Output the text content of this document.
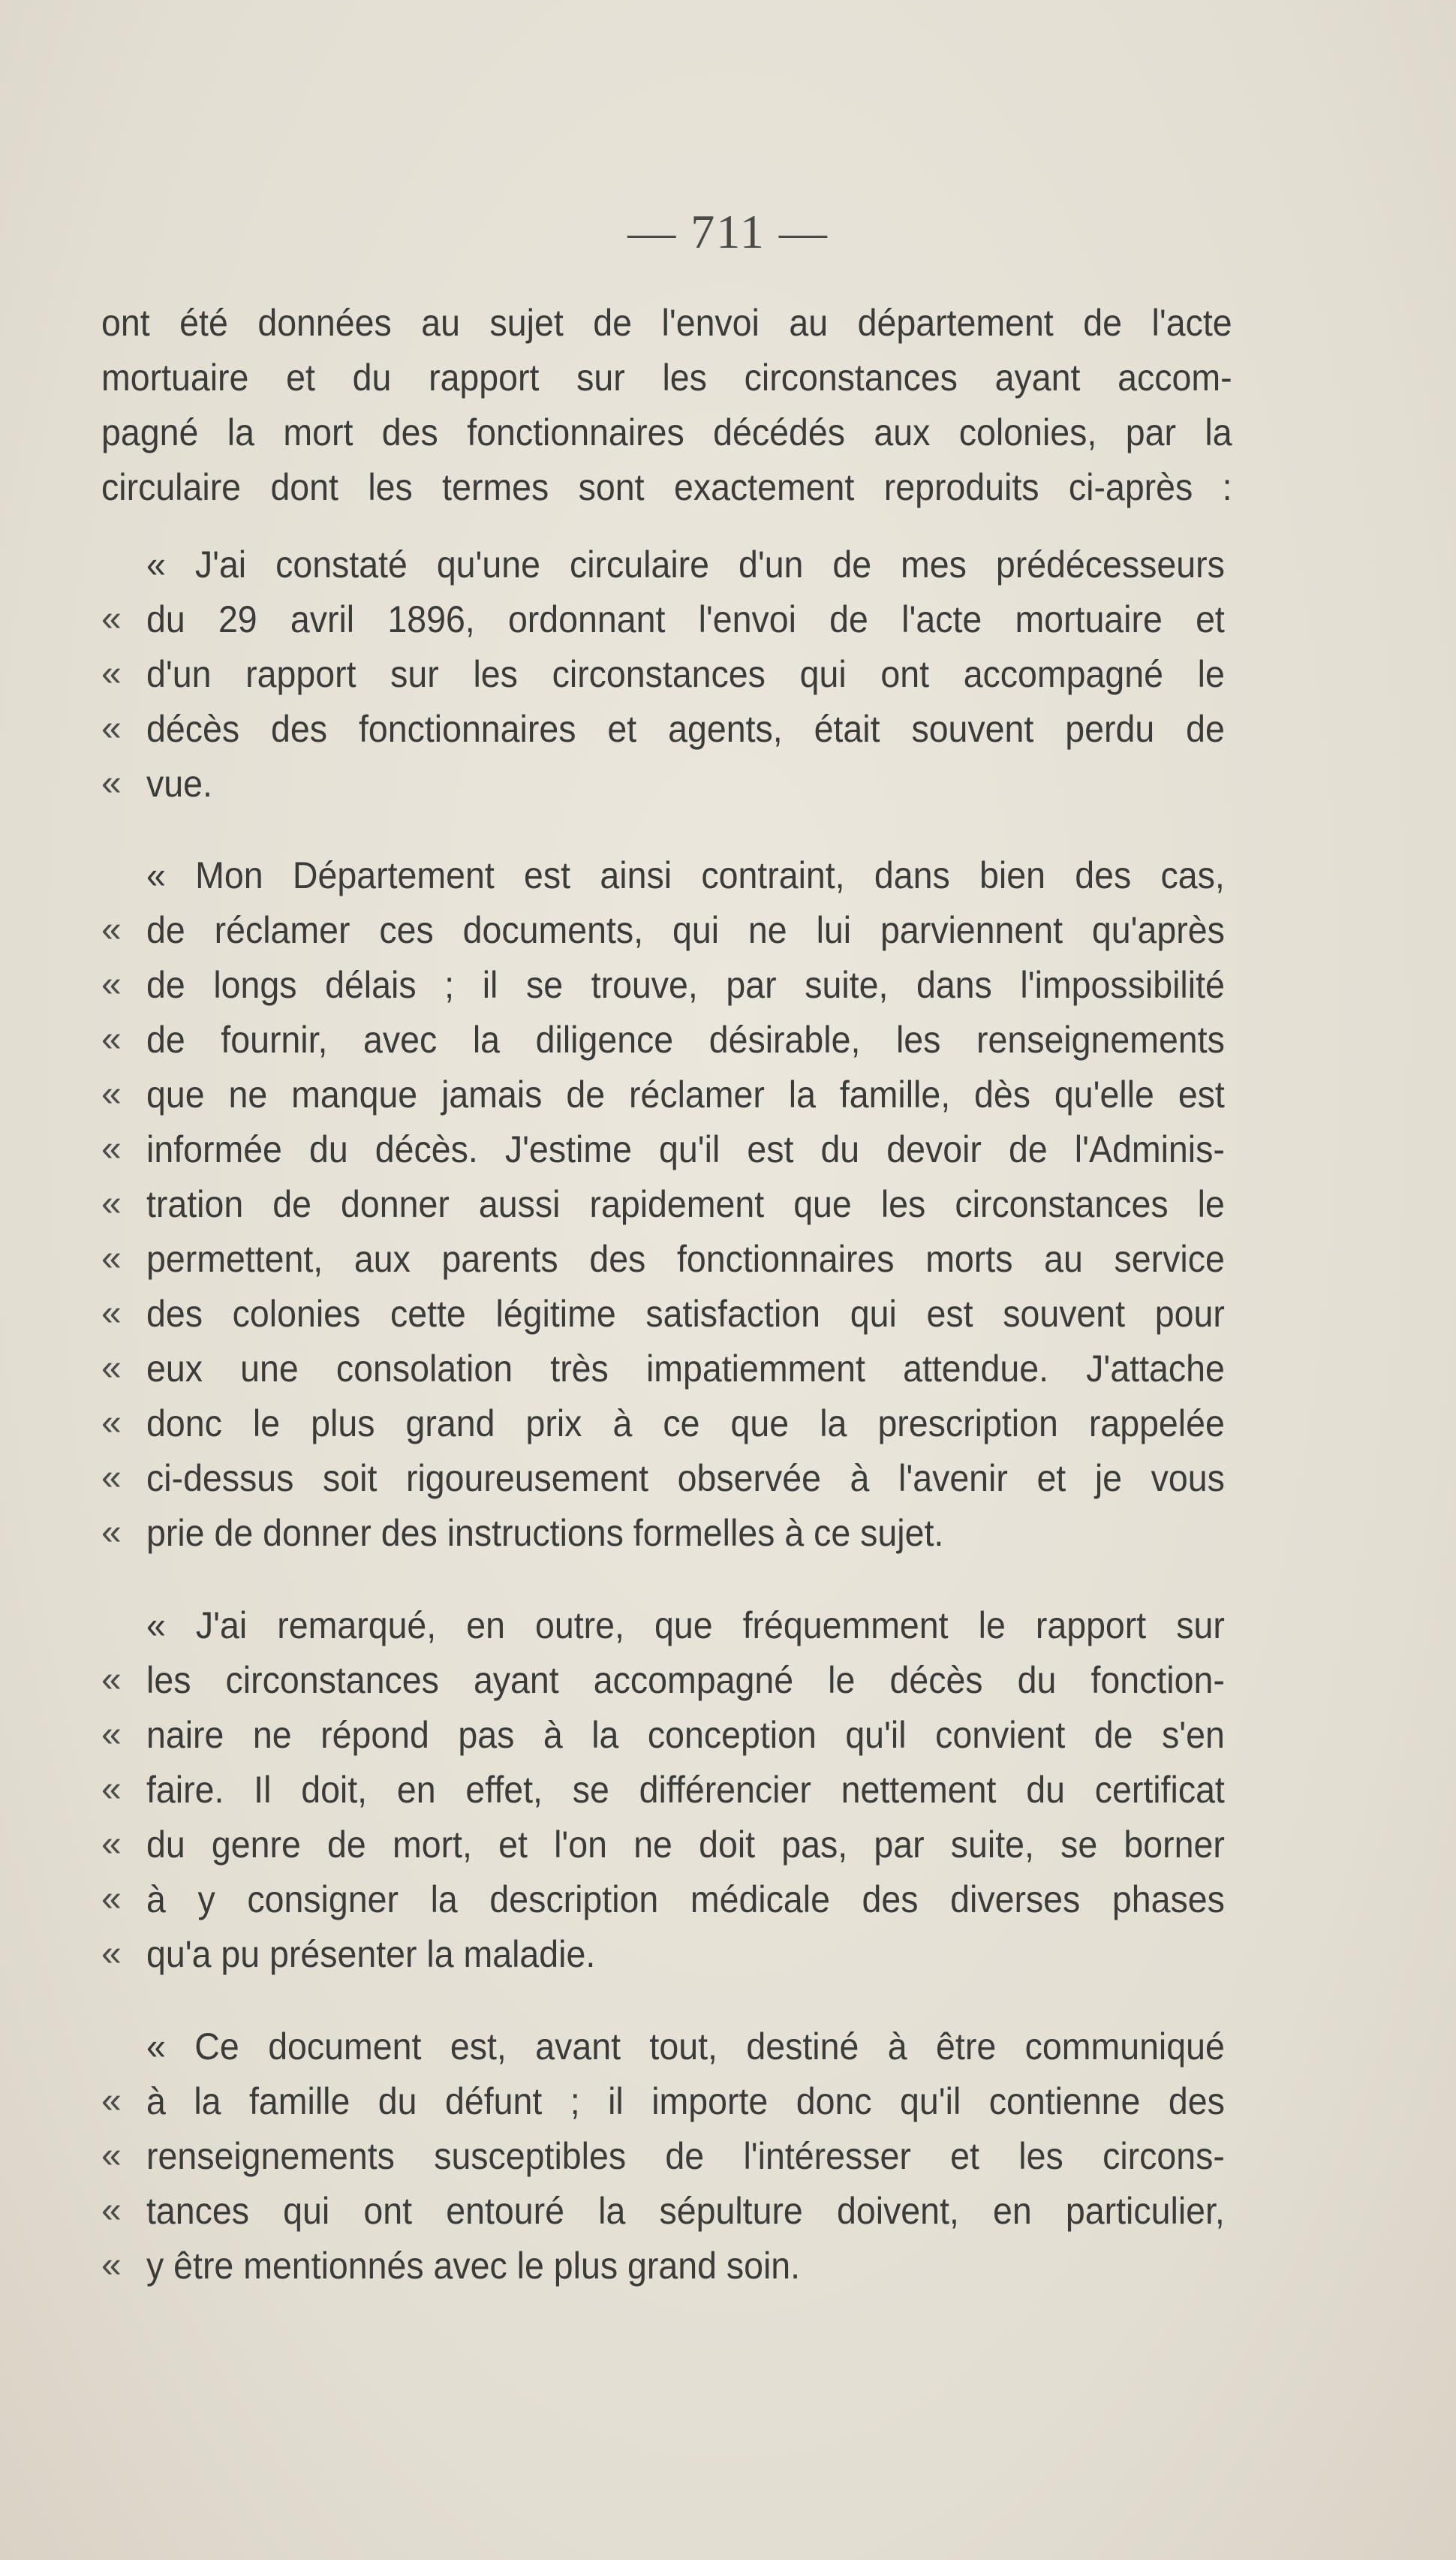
— 711 —
ont été données au sujet de l'envoi au département de l'acte
mortuaire et du rapport sur les circonstances ayant accom-
pagné la mort des fonctionnaires décédés aux colonies, par la
circulaire dont les termes sont exactement reproduits ci-après :
« J'ai constaté qu'une circulaire d'un de mes prédécesseurs
« du 29 avril 1896, ordonnant l'envoi de l'acte mortuaire et
« d'un rapport sur les circonstances qui ont accompagné le
« décès des fonctionnaires et agents, était souvent perdu de
« vue.
« Mon Département est ainsi contraint, dans bien des cas,
« de réclamer ces documents, qui ne lui parviennent qu'après
« de longs délais ; il se trouve, par suite, dans l'impossibilité
« de fournir, avec la diligence désirable, les renseignements
« que ne manque jamais de réclamer la famille, dès qu'elle est
« informée du décès. J'estime qu'il est du devoir de l'Adminis-
« tration de donner aussi rapidement que les circonstances le
« permettent, aux parents des fonctionnaires morts au service
« des colonies cette légitime satisfaction qui est souvent pour
« eux une consolation très impatiemment attendue. J'attache
« donc le plus grand prix à ce que la prescription rappelée
« ci-dessus soit rigoureusement observée à l'avenir et je vous
« prie de donner des instructions formelles à ce sujet.
« J'ai remarqué, en outre, que fréquemment le rapport sur
« les circonstances ayant accompagné le décès du fonction-
« naire ne répond pas à la conception qu'il convient de s'en
« faire. Il doit, en effet, se différencier nettement du certificat
« du genre de mort, et l'on ne doit pas, par suite, se borner
« à y consigner la description médicale des diverses phases
« qu'a pu présenter la maladie.
« Ce document est, avant tout, destiné à être communiqué
« à la famille du défunt ; il importe donc qu'il contienne des
« renseignements susceptibles de l'intéresser et les circons-
« tances qui ont entouré la sépulture doivent, en particulier,
« y être mentionnés avec le plus grand soin.
